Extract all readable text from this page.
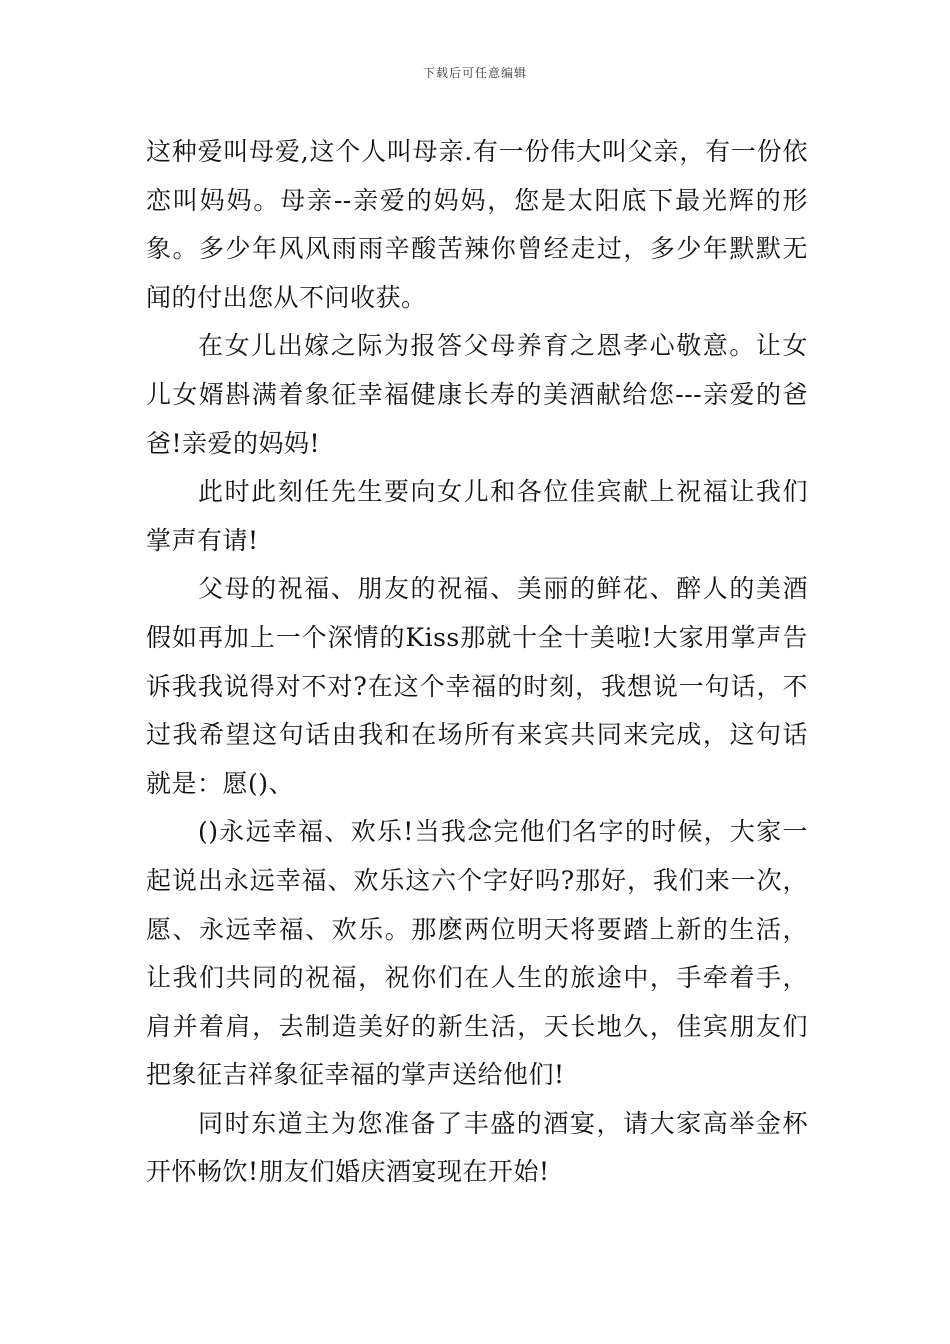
下载后可任意编辑

这种爱叫母爱,这个人叫母亲.有一份伟大叫父亲，有一份依恋叫妈妈。母亲--亲爱的妈妈，您是太阳底下最光辉的形象。多少年风风雨雨辛酸苦辣你曾经走过，多少年默默无闻的付出您从不问收获。

在女儿出嫁之际为报答父母养育之恩孝心敬意。让女儿女婿斟满着象征幸福健康长寿的美酒献给您---亲爱的爸爸!亲爱的妈妈!

此时此刻任先生要向女儿和各位佳宾献上祝福让我们掌声有请!

父母的祝福、朋友的祝福、美丽的鲜花、醉人的美酒假如再加上一个深情的Kiss那就十全十美啦!大家用掌声告诉我我说得对不对?在这个幸福的时刻，我想说一句话，不过我希望这句话由我和在场所有来宾共同来完成，这句话就是：愿()、

()永远幸福、欢乐!当我念完他们名字的时候，大家一起说出永远幸福、欢乐这六个字好吗?那好，我们来一次，愿、永远幸福、欢乐。那麽两位明天将要踏上新的生活，让我们共同的祝福，祝你们在人生的旅途中，手牵着手，肩并着肩，去制造美好的新生活，天长地久，佳宾朋友们把象征吉祥象征幸福的掌声送给他们!

同时东道主为您准备了丰盛的酒宴，请大家高举金杯开怀畅饮!朋友们婚庆酒宴现在开始!
